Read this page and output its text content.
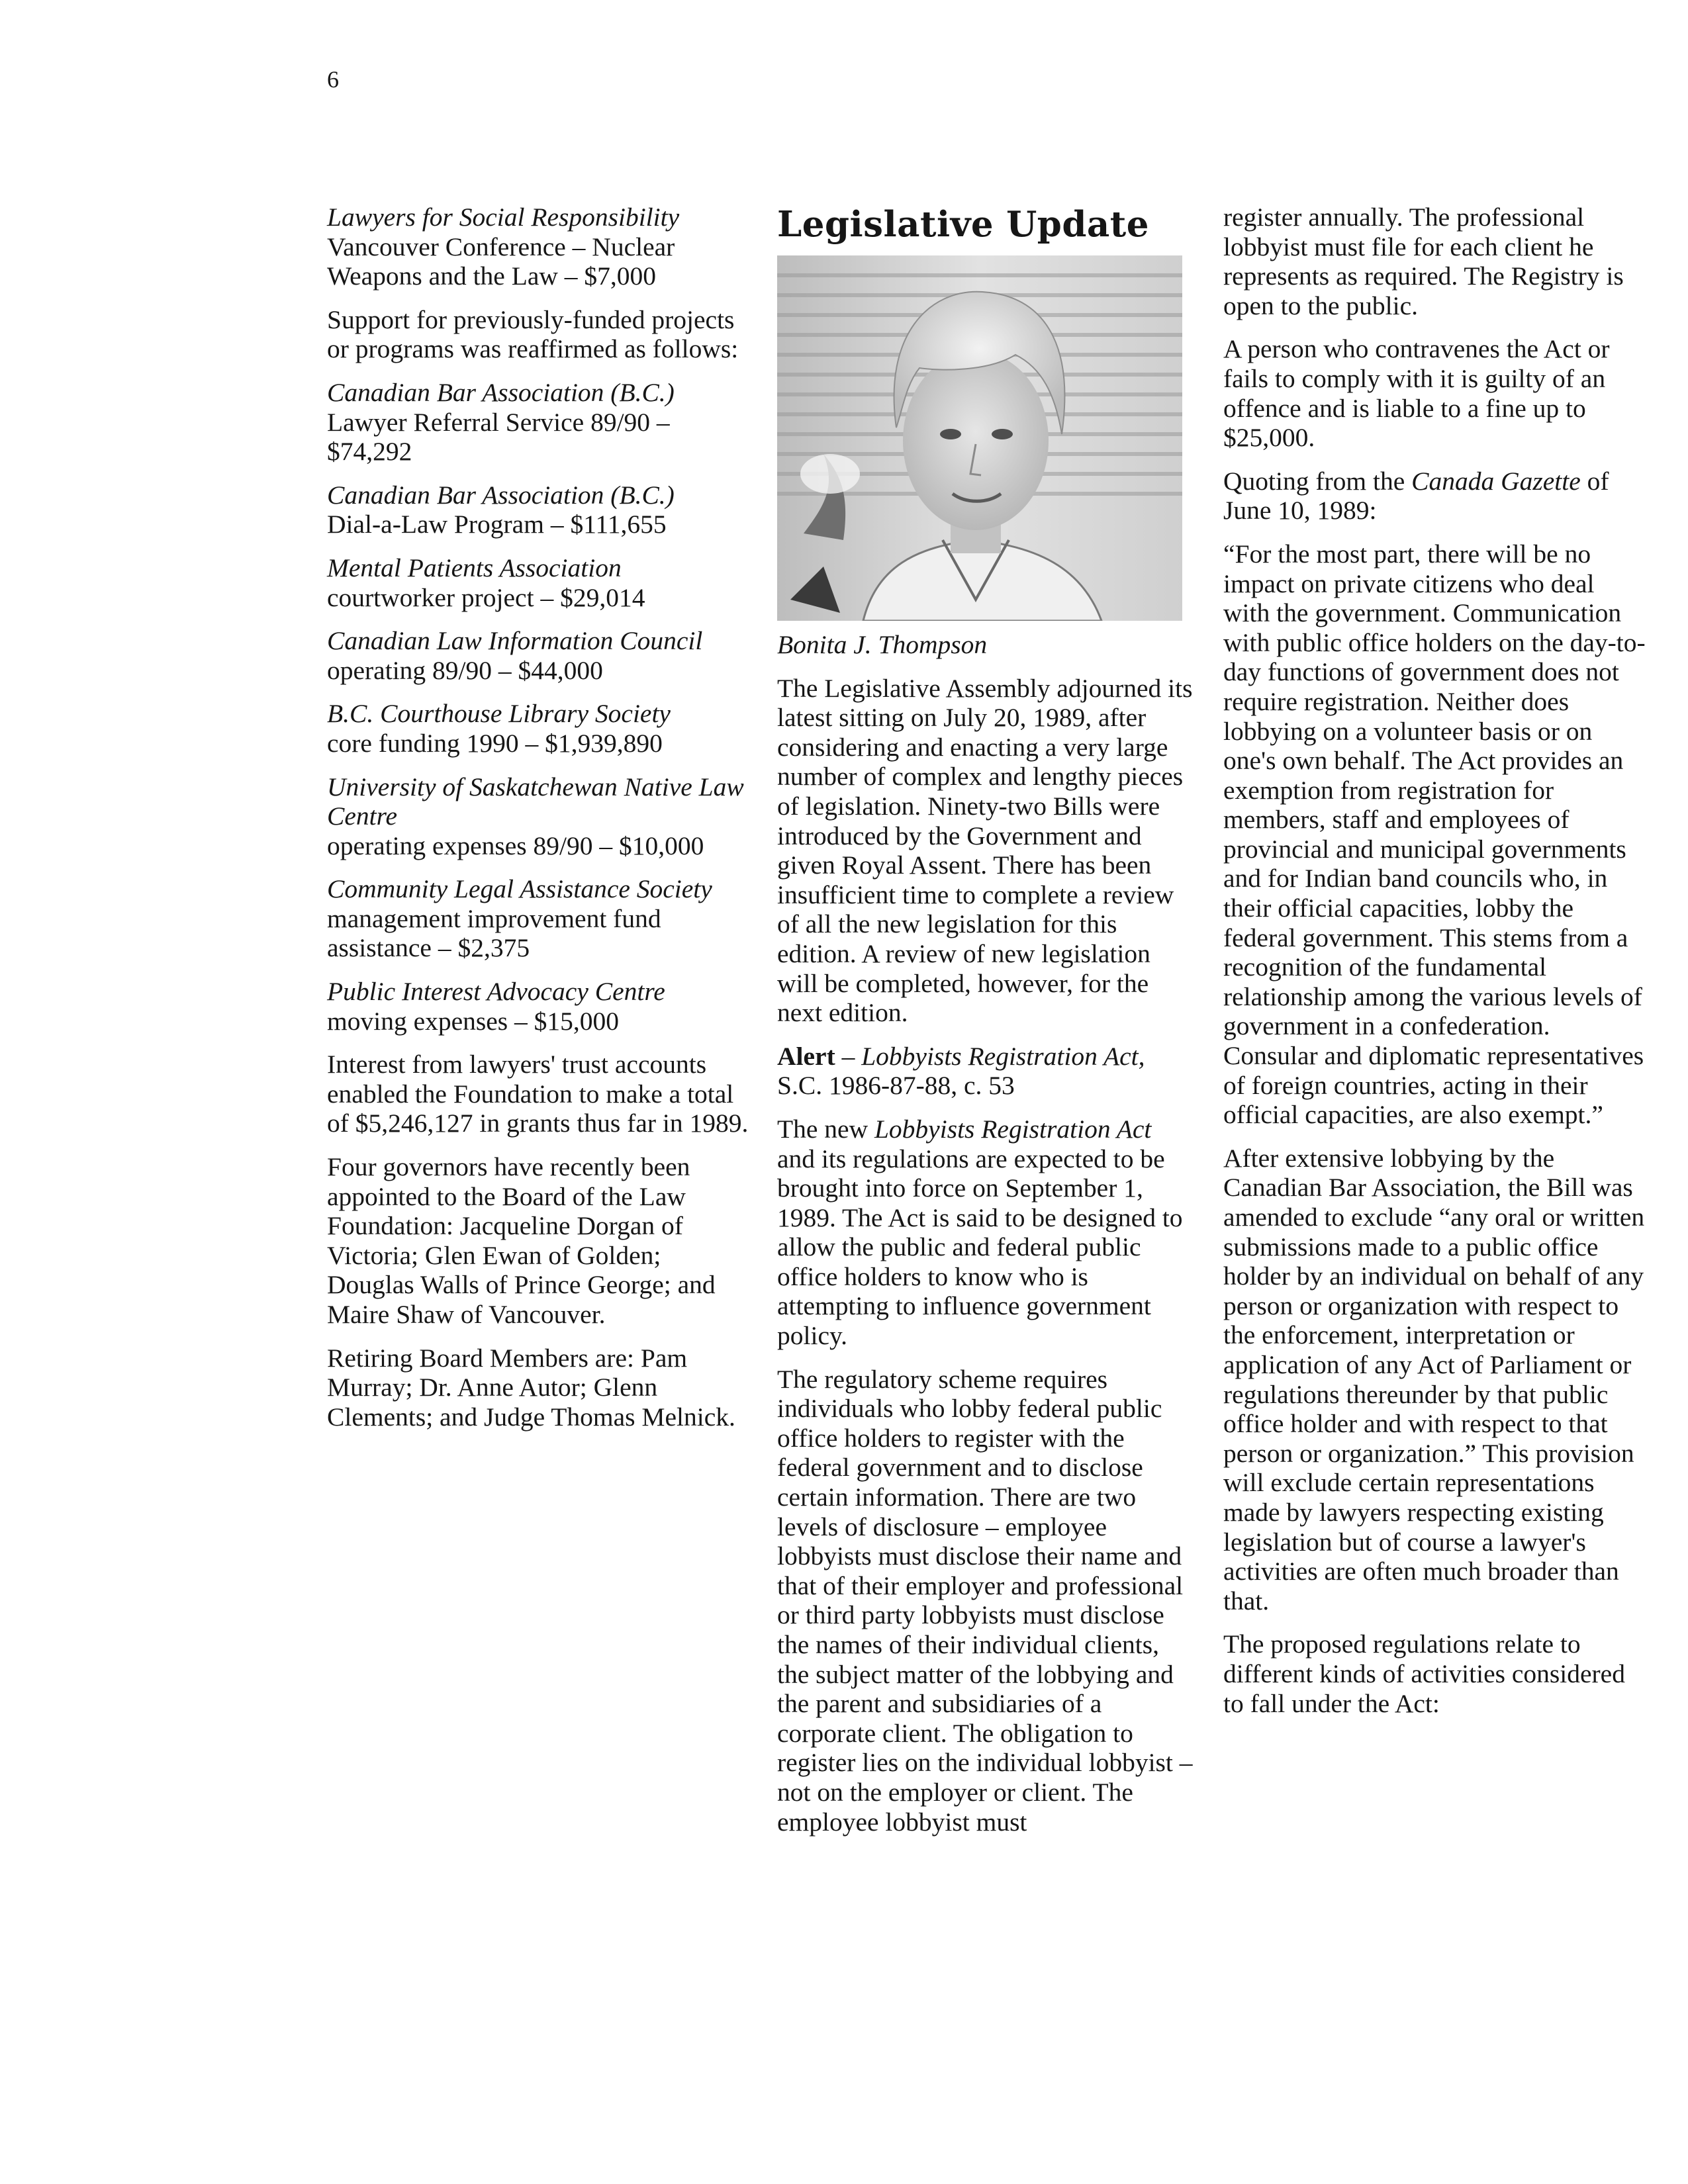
6

Lawyers for Social Responsibility
Vancouver Conference – Nuclear Weapons and the Law – $7,000

Support for previously-funded projects or programs was reaffirmed as follows:

Canadian Bar Association (B.C.)
Lawyer Referral Service 89/90 – $74,292

Canadian Bar Association (B.C.)
Dial-a-Law Program – $111,655

Mental Patients Association
courtworker project – $29,014

Canadian Law Information Council
operating 89/90 – $44,000

B.C. Courthouse Library Society
core funding 1990 – $1,939,890

University of Saskatchewan Native Law Centre
operating expenses 89/90 – $10,000

Community Legal Assistance Society
management improvement fund assistance – $2,375

Public Interest Advocacy Centre
moving expenses – $15,000

Interest from lawyers' trust accounts enabled the Foundation to make a total of $5,246,127 in grants thus far in 1989.

Four governors have recently been appointed to the Board of the Law Foundation: Jacqueline Dorgan of Victoria; Glen Ewan of Golden; Douglas Walls of Prince George; and Maire Shaw of Vancouver.

Retiring Board Members are: Pam Murray; Dr. Anne Autor; Glenn Clements; and Judge Thomas Melnick.

Legislative Update

Bonita J. Thompson

The Legislative Assembly adjourned its latest sitting on July 20, 1989, after considering and enacting a very large number of complex and lengthy pieces of legislation. Ninety-two Bills were introduced by the Government and given Royal Assent. There has been insufficient time to complete a review of all the new legislation for this edition. A review of new legislation will be completed, however, for the next edition.

Alert – Lobbyists Registration Act,

S.C. 1986-87-88, c. 53

The new Lobbyists Registration Act and its regulations are expected to be brought into force on September 1, 1989. The Act is said to be designed to allow the public and federal public office holders to know who is attempting to influence government policy.

The regulatory scheme requires individuals who lobby federal public office holders to register with the federal government and to disclose certain information. There are two levels of disclosure – employee lobbyists must disclose their name and that of their employer and professional or third party lobbyists must disclose the names of their individual clients, the subject matter of the lobbying and the parent and subsidiaries of a corporate client. The obligation to register lies on the individual lobbyist – not on the employer or client. The employee lobbyist must

register annually. The professional lobbyist must file for each client he represents as required. The Registry is open to the public.

A person who contravenes the Act or fails to comply with it is guilty of an offence and is liable to a fine up to $25,000.

Quoting from the Canada Gazette of June 10, 1989:

“For the most part, there will be no impact on private citizens who deal with the government. Communication with public office holders on the day-to-day functions of government does not require registration. Neither does lobbying on a volunteer basis or on one's own behalf. The Act provides an exemption from registration for members, staff and employees of provincial and municipal governments and for Indian band councils who, in their official capacities, lobby the federal government. This stems from a recognition of the fundamental relationship among the various levels of government in a confederation. Consular and diplomatic representatives of foreign countries, acting in their official capacities, are also exempt.”

After extensive lobbying by the Canadian Bar Association, the Bill was amended to exclude “any oral or written submissions made to a public office holder by an individual on behalf of any person or organization with respect to the enforcement, interpretation or application of any Act of Parliament or regulations thereunder by that public office holder and with respect to that person or organization.” This provision will exclude certain representations made by lawyers respecting existing legislation but of course a lawyer's activities are often much broader than that.

The proposed regulations relate to different kinds of activities considered to fall under the Act:
